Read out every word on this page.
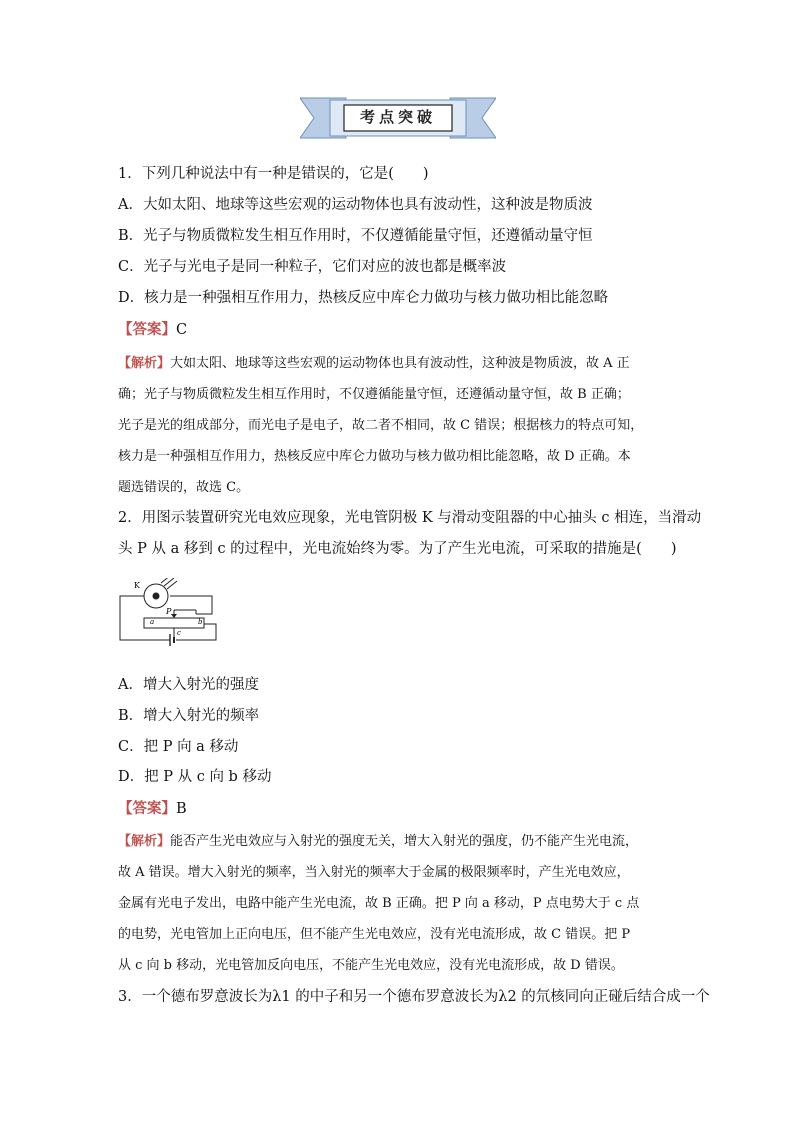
考点突破
1．下列几种说法中有一种是错误的，它是(　　)
A．大如太阳、地球等这些宏观的运动物体也具有波动性，这种波是物质波
B．光子与物质微粒发生相互作用时，不仅遵循能量守恒，还遵循动量守恒
C．光子与光电子是同一种粒子，它们对应的波也都是概率波
D．核力是一种强相互作用力，热核反应中库仑力做功与核力做功相比能忽略
【答案】C
【解析】大如太阳、地球等这些宏观的运动物体也具有波动性，这种波是物质波，故 A 正
确；光子与物质微粒发生相互作用时，不仅遵循能量守恒，还遵循动量守恒，故 B 正确；
光子是光的组成部分，而光电子是电子，故二者不相同，故 C 错误；根据核力的特点可知，
核力是一种强相互作用力，热核反应中库仑力做功与核力做功相比能忽略，故 D 正确。本
题选错误的，故选 C。
2．用图示装置研究光电效应现象，光电管阴极 K 与滑动变阻器的中心抽头 c 相连，当滑动
头 P 从 a 移到 c 的过程中，光电流始终为零。为了产生光电流，可采取的措施是(　　)
K
P
a	b
c
A．增大入射光的强度
B．增大入射光的频率
C．把 P 向 a 移动
D．把 P 从 c 向 b 移动
【答案】B
【解析】能否产生光电效应与入射光的强度无关，增大入射光的强度，仍不能产生光电流，
故 A 错误。增大入射光的频率，当入射光的频率大于金属的极限频率时，产生光电效应，
金属有光电子发出，电路中能产生光电流，故 B 正确。把 P 向 a 移动，P 点电势大于 c 点
的电势，光电管加上正向电压，但不能产生光电效应，没有光电流形成，故 C 错误。把 P
从 c 向 b 移动，光电管加反向电压，不能产生光电效应，没有光电流形成，故 D 错误。
3．一个德布罗意波长为λ1 的中子和另一个德布罗意波长为λ2 的氘核同向正碰后结合成一个
